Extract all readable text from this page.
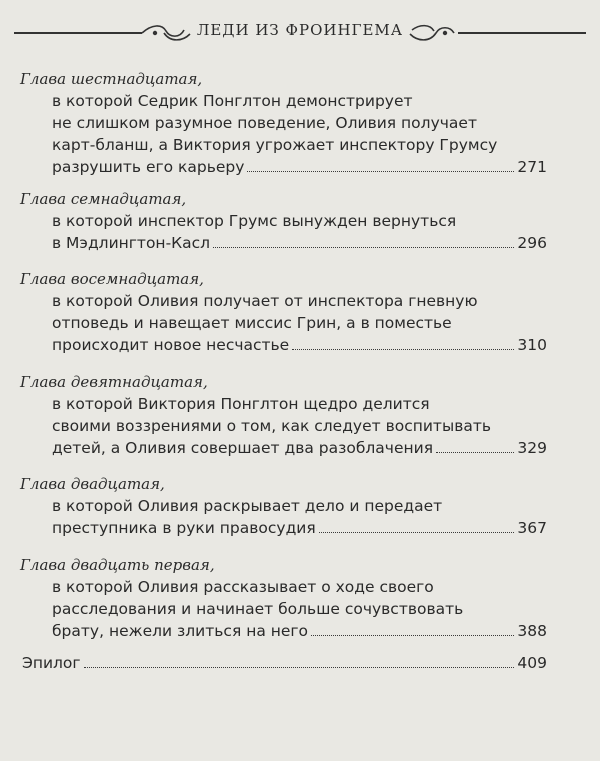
ЛЕДИ ИЗ ФРОИНГЕМА
Глава шестнадцатая,
в которой Седрик Понглтон демонстрирует
не слишком разумное поведение, Оливия получает
карт-бланш, а Виктория угрожает инспектору Грумсу
разрушить его карьеру	271
Глава семнадцатая,
в которой инспектор Грумс вынужден вернуться
в Мэдлингтон-Касл	296
Глава восемнадцатая,
в которой Оливия получает от инспектора гневную
отповедь и навещает миссис Грин, а в поместье
происходит новое несчастье	310
Глава девятнадцатая,
в которой Виктория Понглтон щедро делится
своими воззрениями о том, как следует воспитывать
детей, а Оливия совершает два разоблачения	329
Глава двадцатая,
в которой Оливия раскрывает дело и передает
преступника в руки правосудия	367
Глава двадцать первая,
в которой Оливия рассказывает о ходе своего
расследования и начинает больше сочувствовать
брату, нежели злиться на него	388
Эпилог	409
